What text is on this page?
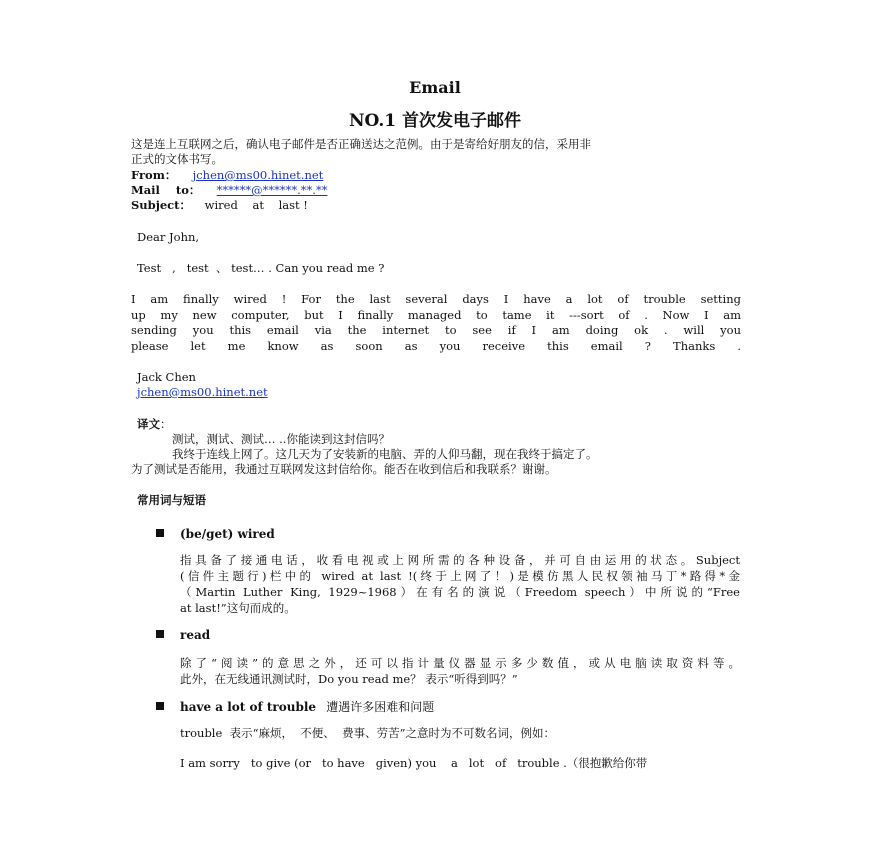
Email
NO.1 首次发电子邮件
这是连上互联网之后，确认电子邮件是否正确送达之范例。由于是寄给好朋友的信，采用非
正式的文体书写。
From： jchen@ms00.hinet.net
Mail    to： ******@******.**.**
Subject： wired    at    last !
Dear John,
Test   ,   test  、 test… . Can you read me ?
I am finally wired ! For the last several days I have a lot of trouble setting
up my new computer, but I finally managed to tame it ---sort of . Now I am
sending you this email via the internet to see if I am doing ok . will you
please let me know as soon as you receive this email ? Thanks .
Jack Chen
jchen@ms00.hinet.net
译文：
测试，测试、测试… ..你能读到这封信吗？
我终于连线上网了。这几天为了安装新的电脑、弄的人仰马翻，现在我终于搞定了。
为了测试是否能用，我通过互联网发这封信给你。能否在收到信后和我联系？谢谢。
常用词与短语
(be/get) wired
指具备了接通电话，收看电视或上网所需的各种设备，并可自由运用的状态。Subject
(信件主题行)栏中的 wired at last !(终于上网了！)是模仿黑人民权领袖马丁*路得*金
（Martin Luther King, 1929~1968）在有名的演说（Freedom speech）中所说的“Free
at last!”这句而成的。
read
除了“阅读”的意思之外，还可以指计量仪器显示多少数值，或从电脑读取资料等。
此外，在无线通讯测试时，Do you read me？ 表示“听得到吗？”
have a lot of trouble 遭遇许多困难和问题
trouble  表示“麻烦，  不便、  费事、劳苦”之意时为不可数名词，例如：
I am sorry   to give (or   to have   given) you    a   lot   of   trouble .（很抱歉给你带
